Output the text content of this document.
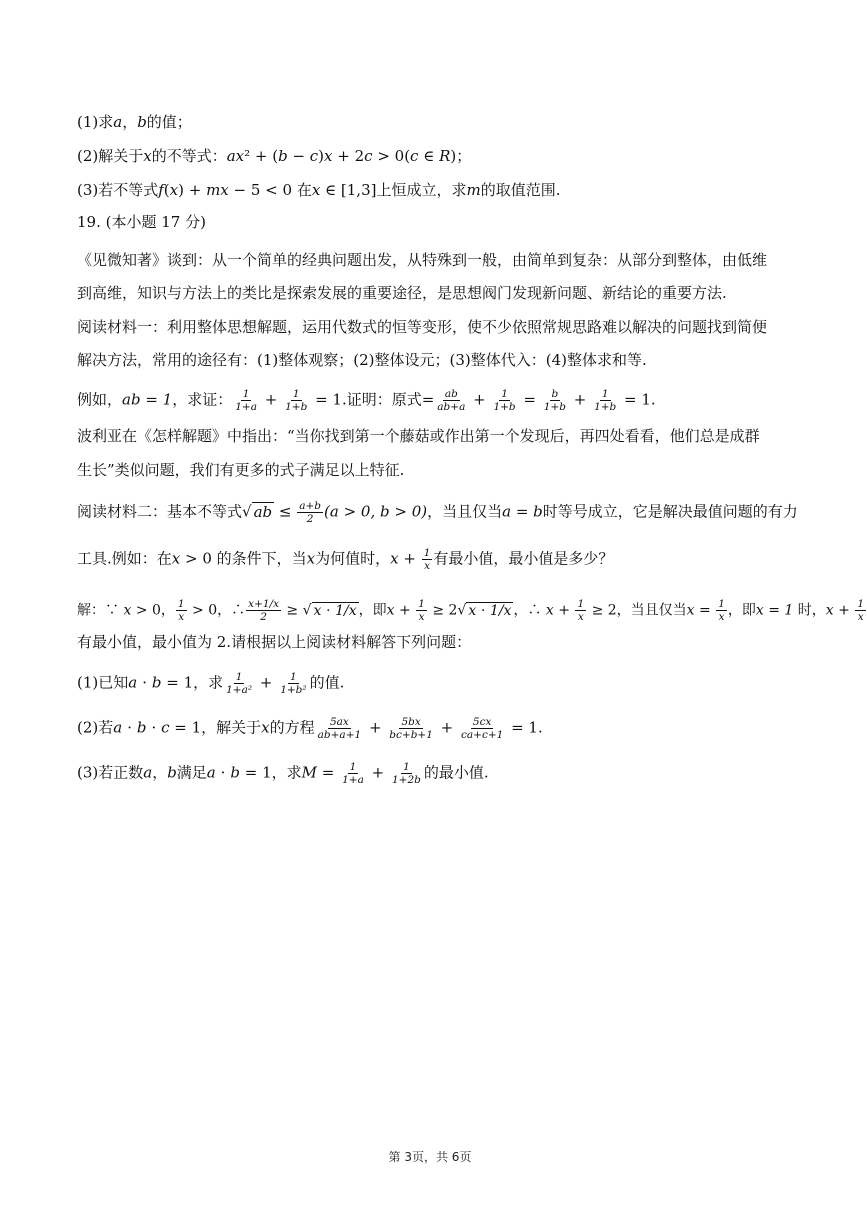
(1)求𝑎，𝑏的值；
(2)解关于𝑥的不等式：𝑎𝑥² + (𝑏 − 𝑐)𝑥 + 2𝑐 > 0(𝑐 ∈ 𝑅)；
(3)若不等式𝑓(𝑥) + 𝑚𝑥 − 5 < 0 在𝑥 ∈ [1,3]上恒成立，求𝑚的取值范围.
19. (本小题 17 分)
《见微知著》谈到：从一个简单的经典问题出发，从特殊到一般，由简单到复杂：从部分到整体，由低维
到高维，知识与方法上的类比是探索发展的重要途径，是思想阀门发现新问题、新结论的重要方法.
阅读材料一：利用整体思想解题，运用代数式的恒等变形，使不少依照常规思路难以解决的问题找到简便
解决方法，常用的途径有：(1)整体观察；(2)整体设元；(3)整体代入：(4)整体求和等.
例如，𝑎𝑏 = 1，求证： $\frac{1}{\text{1+𝑎}} + \frac{1}{\text{1+𝑏}} = 1$.证明：原式= $\frac{\text{𝑎𝑏}}{\text{𝑎𝑏+𝑎}} + \frac{1}{\text{1+𝑏}} = \frac{\text{𝑏}}{\text{1+𝑏}} + \frac{1}{\text{1+𝑏}} = 1$.
波利亚在《怎样解题》中指出：“当你找到第一个藤菇或作出第一个发现后，再四处看看，他们总是成群
生长”类似问题，我们有更多的式子满足以上特征.
阅读材料二：基本不等式√ 𝑎𝑏 ≤ $\frac{\text{𝑎+𝑏}}{2}$ (𝑎 > 0, 𝑏 > 0)，当且仅当𝑎 = 𝑏时等号成立，它是解决最值问题的有力
工具.例如：在𝑥 > 0 的条件下，当𝑥为何值时，𝑥 + $\frac{1}{\text{𝑥}}$ 有最小值，最小值是多少？
解：∵ 𝑥 > 0， $\frac{1}{\text{𝑥}} > 0$，∴ $\frac{\text{𝑥+1/𝑥}}{2}$ ≥ √ 𝑥 ⋅ 1/𝑥 ，即𝑥 + $\frac{1}{\text{𝑥}} \ge 2√$ 𝑥 ⋅ 1/𝑥 ，∴ 𝑥 + $\frac{1}{\text{𝑥}} \ge 2$，当且仅当𝑥 = $\frac{1}{\text{𝑥}}$ ，即𝑥 = 1 时，𝑥 + $\frac{1}{\text{𝑥}}$
有最小值，最小值为 2.请根据以上阅读材料解答下列问题：
(1)已知𝑎 ⋅ 𝑏 = 1，求 $\frac{1}{\text{1+𝑎²}} + \frac{1}{\text{1+𝑏²}}$ 的值.
(2)若𝑎 ⋅ 𝑏 ⋅ 𝑐 = 1，解关于𝑥的方程 $\frac{\text{5𝑎𝑥}}{\text{𝑎𝑏+𝑎+1}} + \frac{\text{5𝑏𝑥}}{\text{𝑏𝑐+𝑏+1}} + \frac{\text{5𝑐𝑥}}{\text{𝑐𝑎+𝑐+1}} = 1$.
(3)若正数𝑎，𝑏满足𝑎 ⋅ 𝑏 = 1，求𝑀 = $\frac{1}{\text{1+𝑎}} + \frac{1}{\text{1+2𝑏}}$ 的最小值.
第 3页，共 6页
